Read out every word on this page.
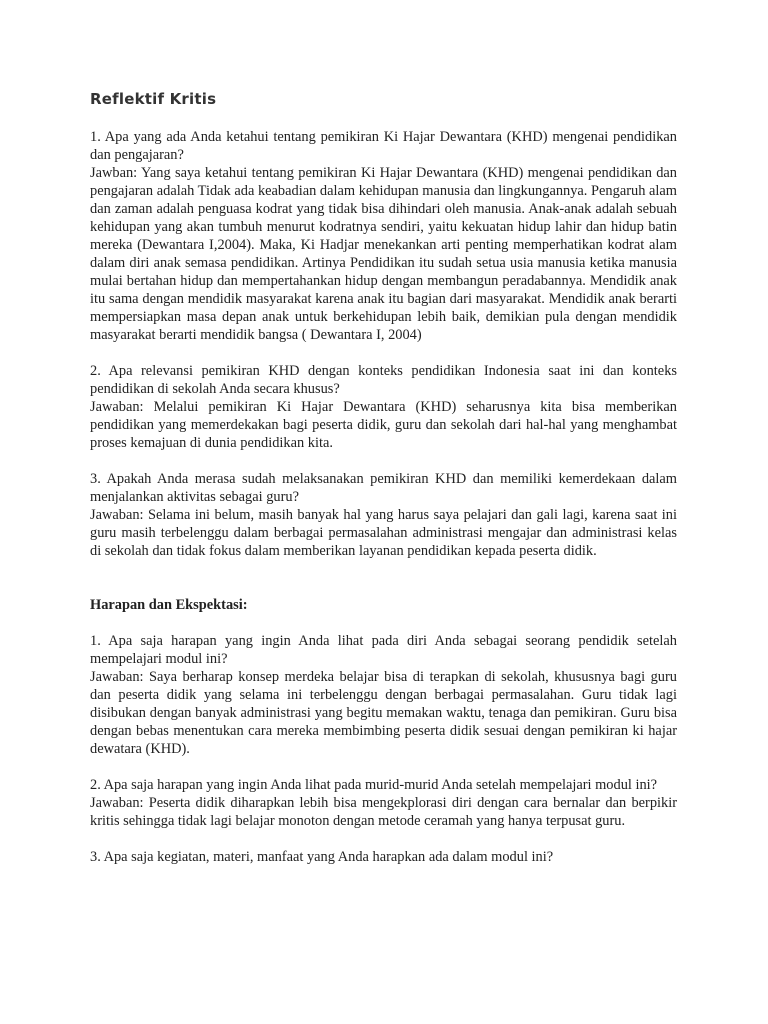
Reflektif Kritis
1. Apa yang ada Anda ketahui tentang pemikiran Ki Hajar Dewantara (KHD) mengenai pendidikan dan pengajaran?
Jawban: Yang saya ketahui tentang pemikiran Ki Hajar Dewantara (KHD) mengenai pendidikan dan pengajaran adalah Tidak ada keabadian dalam kehidupan manusia dan lingkungannya. Pengaruh alam dan zaman adalah penguasa kodrat yang tidak bisa dihindari oleh manusia. Anak-anak adalah sebuah kehidupan yang akan tumbuh menurut kodratnya sendiri, yaitu kekuatan hidup lahir dan hidup batin mereka (Dewantara I,2004). Maka, Ki Hadjar menekankan arti penting memperhatikan kodrat alam dalam diri anak semasa pendidikan. Artinya Pendidikan itu sudah setua usia manusia ketika manusia mulai bertahan hidup dan mempertahankan hidup dengan membangun peradabannya. Mendidik anak itu sama dengan mendidik masyarakat karena anak itu bagian dari masyarakat. Mendidik anak berarti mempersiapkan masa depan anak untuk berkehidupan lebih baik, demikian pula dengan mendidik masyarakat berarti mendidik bangsa ( Dewantara I, 2004)
2. Apa relevansi pemikiran KHD dengan konteks pendidikan Indonesia saat ini dan konteks pendidikan di sekolah Anda secara khusus?
Jawaban: Melalui pemikiran Ki Hajar Dewantara (KHD) seharusnya kita bisa memberikan pendidikan yang memerdekakan bagi peserta didik, guru dan sekolah dari hal-hal yang menghambat proses kemajuan di dunia pendidikan kita.
3. Apakah Anda merasa sudah melaksanakan pemikiran KHD dan memiliki kemerdekaan dalam menjalankan aktivitas sebagai guru?
Jawaban: Selama ini belum, masih banyak hal yang harus saya pelajari dan gali lagi, karena saat ini guru masih terbelenggu dalam berbagai permasalahan administrasi mengajar dan administrasi kelas di sekolah dan tidak fokus dalam memberikan layanan pendidikan kepada peserta didik.
Harapan dan Ekspektasi:
1. Apa saja harapan yang ingin Anda lihat pada diri Anda sebagai seorang pendidik setelah mempelajari modul ini?
Jawaban: Saya berharap konsep merdeka belajar bisa di terapkan di sekolah, khususnya bagi guru dan peserta didik yang selama ini terbelenggu dengan berbagai permasalahan. Guru tidak lagi disibukan dengan banyak administrasi yang begitu memakan waktu, tenaga dan pemikiran. Guru bisa dengan bebas menentukan cara mereka membimbing peserta didik sesuai dengan pemikiran ki hajar dewatara (KHD).
2. Apa saja harapan yang ingin Anda lihat pada murid-murid Anda setelah mempelajari modul ini?
Jawaban: Peserta didik diharapkan lebih bisa mengekplorasi diri dengan cara bernalar dan berpikir kritis sehingga tidak lagi belajar monoton dengan metode ceramah yang hanya terpusat guru.
3. Apa saja kegiatan, materi, manfaat yang Anda harapkan ada dalam modul ini?
